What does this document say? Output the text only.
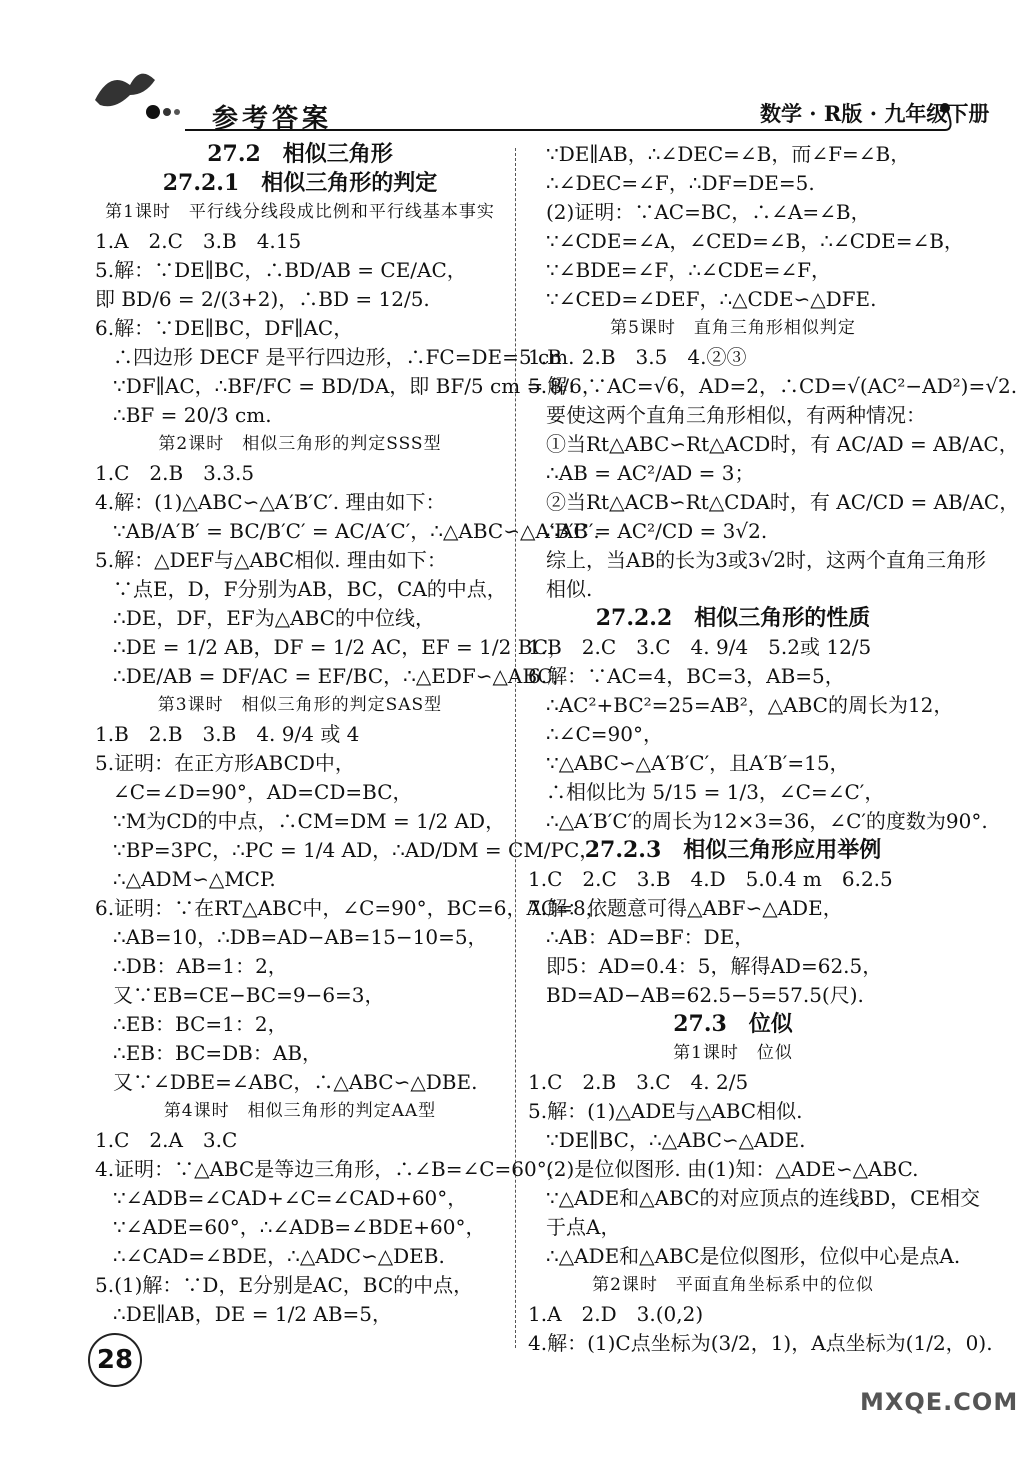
参考答案	数学 · R版 · 九年级下册
27.2　相似三角形
27.2.1　相似三角形的判定
第1课时　平行线分线段成比例和平行线基本事实
1.A　2.C　3.B　4.15
5.解：∵DE∥BC，∴BD/AB = CE/AC，
即 BD/6 = 2/(3+2)，∴BD = 12/5.
6.解：∵DE∥BC，DF∥AC，
∴四边形 DECF 是平行四边形，∴FC=DE=5 cm.
∵DF∥AC，∴BF/FC = BD/DA，即 BF/5 cm = 8/6，
∴BF = 20/3 cm.
第2课时　相似三角形的判定SSS型
1.C　2.B　3.3.5
4.解：(1)△ABC∽△A′B′C′. 理由如下：
∵AB/A′B′ = BC/B′C′ = AC/A′C′，∴△ABC∽△A′B′C′.
5.解：△DEF与△ABC相似. 理由如下：
∵点E，D，F分别为AB，BC，CA的中点，
∴DE，DF，EF为△ABC的中位线，
∴DE = 1/2 AB，DF = 1/2 AC，EF = 1/2 BC，
∴DE/AB = DF/AC = EF/BC，∴△EDF∽△ABC.
第3课时　相似三角形的判定SAS型
1.B　2.B　3.B　4. 9/4 或 4
5.证明：在正方形ABCD中，
∠C=∠D=90°，AD=CD=BC，
∵M为CD的中点，∴CM=DM = 1/2 AD，
∵BP=3PC，∴PC = 1/4 AD，∴AD/DM = CM/PC，
∴△ADM∽△MCP.
6.证明：∵在RT△ABC中，∠C=90°，BC=6，AC=8，
∴AB=10，∴DB=AD−AB=15−10=5，
∴DB：AB=1：2，
又∵EB=CE−BC=9−6=3，
∴EB：BC=1：2，
∴EB：BC=DB：AB，
又∵∠DBE=∠ABC，∴△ABC∽△DBE.
第4课时　相似三角形的判定AA型
1.C　2.A　3.C
4.证明：∵△ABC是等边三角形，∴∠B=∠C=60°，
∵∠ADB=∠CAD+∠C=∠CAD+60°，
∵∠ADE=60°，∴∠ADB=∠BDE+60°，
∴∠CAD=∠BDE，∴△ADC∽△DEB.
5.(1)解：∵D，E分别是AC，BC的中点，
∴DE∥AB，DE = 1/2 AB=5，
∵DE∥AB，∴∠DEC=∠B，而∠F=∠B，
∴∠DEC=∠F，∴DF=DE=5.
(2)证明：∵AC=BC，∴∠A=∠B，
∵∠CDE=∠A，∠CED=∠B，∴∠CDE=∠B，
∵∠BDE=∠F，∴∠CDE=∠F，
∵∠CED=∠DEF，∴△CDE∽△DFE.
第5课时　直角三角形相似判定
1.B　2.B　3.5　4.②③
5.解：∵AC=√6，AD=2，∴CD=√(AC²−AD²)=√2.
要使这两个直角三角形相似，有两种情况：
①当Rt△ABC∽Rt△ACD时，有 AC/AD = AB/AC，
∴AB = AC²/AD = 3；
②当Rt△ACB∽Rt△CDA时，有 AC/CD = AB/AC，
∴AB = AC²/CD = 3√2.
综上，当AB的长为3或3√2时，这两个直角三角形
相似.
27.2.2　相似三角形的性质
1.B　2.C　3.C　4. 9/4　5.2或 12/5
6.解：∵AC=4，BC=3，AB=5，
∴AC²+BC²=25=AB²，△ABC的周长为12，
∴∠C=90°，
∵△ABC∽△A′B′C′，且A′B′=15，
∴相似比为 5/15 = 1/3，∠C=∠C′，
∴△A′B′C′的周长为12×3=36，∠C′的度数为90°.
27.2.3　相似三角形应用举例
1.C　2.C　3.B　4.D　5.0.4 m　6.2.5
7.解：依题意可得△ABF∽△ADE，
∴AB：AD=BF：DE，
即5：AD=0.4：5，解得AD=62.5，
BD=AD−AB=62.5−5=57.5(尺).
27.3　位似
第1课时　位似
1.C　2.B　3.C　4. 2/5
5.解：(1)△ADE与△ABC相似.
∵DE∥BC，∴△ABC∽△ADE.
(2)是位似图形. 由(1)知：△ADE∽△ABC.
∵△ADE和△ABC的对应顶点的连线BD，CE相交
于点A，
∴△ADE和△ABC是位似图形，位似中心是点A.
第2课时　平面直角坐标系中的位似
1.A　2.D　3.(0,2)
4.解：(1)C点坐标为(3/2，1)，A点坐标为(1/2，0).
28
MXQE.COM
